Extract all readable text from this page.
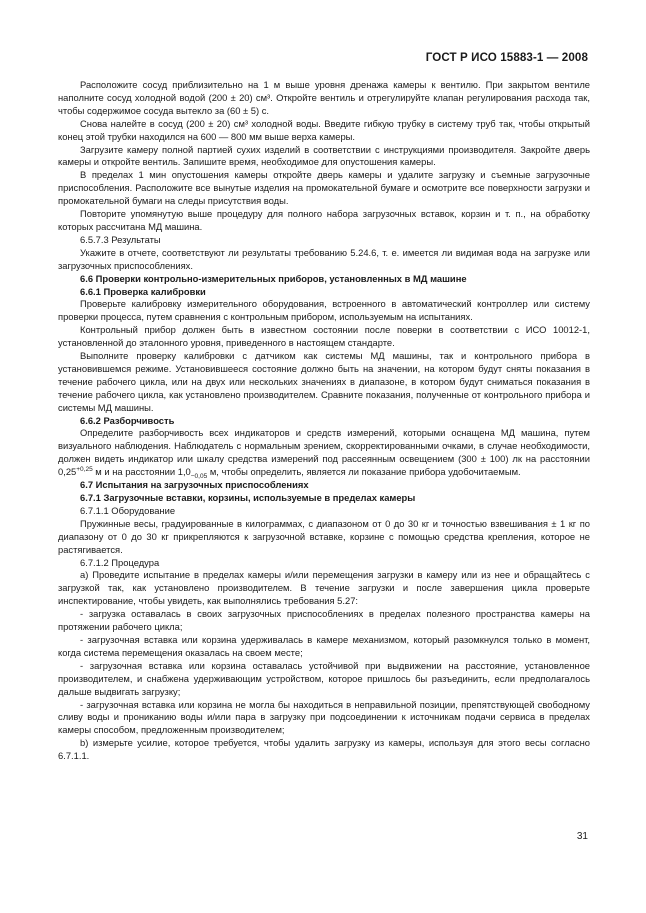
ГОСТ Р ИСО 15883-1 — 2008

Расположите сосуд приблизительно на 1 м выше уровня дренажа камеры к вентилю. При закрытом вентиле наполните сосуд холодной водой (200 ± 20) см³. Откройте вентиль и отрегулируйте клапан регулирования расхода так, чтобы содержимое сосуда вытекло за (60 ± 5) с.

Снова налейте в сосуд (200 ± 20) см³ холодной воды. Введите гибкую трубку в систему труб так, чтобы открытый конец этой трубки находился на 600 — 800 мм выше верха камеры.

Загрузите камеру полной партией сухих изделий в соответствии с инструкциями производителя. Закройте дверь камеры и откройте вентиль. Запишите время, необходимое для опустошения камеры.

В пределах 1 мин опустошения камеры откройте дверь камеры и удалите загрузку и съемные загрузочные приспособления. Расположите все вынутые изделия на промокательной бумаге и осмотрите все поверхности загрузки и промокательной бумаги на следы присутствия воды.

Повторите упомянутую выше процедуру для полного набора загрузочных вставок, корзин и т. п., на обработку которых рассчитана МД машина.

6.5.7.3 Результаты

Укажите в отчете, соответствуют ли результаты требованию 5.24.6, т. е. имеется ли видимая вода на загрузке или загрузочных приспособлениях.

6.6 Проверки контрольно-измерительных приборов, установленных в МД машине

6.6.1 Проверка калибровки

Проверьте калибровку измерительного оборудования, встроенного в автоматический контроллер или систему проверки процесса, путем сравнения с контрольным прибором, используемым на испытаниях.

Контрольный прибор должен быть в известном состоянии после поверки в соответствии с ИСО 10012-1, установленной до эталонного уровня, приведенного в настоящем стандарте.

Выполните проверку калибровки с датчиком как системы МД машины, так и контрольного прибора в установившемся режиме. Установившееся состояние должно быть на значении, на котором будут сняты показания в течение рабочего цикла, или на двух или нескольких значениях в диапазоне, в котором будут сниматься показания в течение рабочего цикла, как установлено производителем. Сравните показания, полученные от контрольного прибора и системы МД машины.

6.6.2 Разборчивость

Определите разборчивость всех индикаторов и средств измерений, которыми оснащена МД машина, путем визуального наблюдения. Наблюдатель с нормальным зрением, скорректированными очками, в случае необходимости, должен видеть индикатор или шкалу средства измерений под рассеянным освещением (300 ± 100) лк на расстоянии $0,25^{+0,25}$ м и на расстоянии $1,0_{-0,05}$ м, чтобы определить, является ли показание прибора удобочитаемым.

6.7 Испытания на загрузочных приспособлениях

6.7.1 Загрузочные вставки, корзины, используемые в пределах камеры

6.7.1.1 Оборудование

Пружинные весы, градуированные в килограммах, с диапазоном от 0 до 30 кг и точностью взвешивания ± 1 кг по диапазону от 0 до 30 кг прикрепляются к загрузочной вставке, корзине с помощью средства крепления, которое не растягивается.

6.7.1.2 Процедура

а) Проведите испытание в пределах камеры и/или перемещения загрузки в камеру или из нее и обращайтесь с загрузкой так, как установлено производителем. В течение загрузки и после завершения цикла проверьте инспектирование, чтобы увидеть, как выполнялись требования 5.27:

- загрузка оставалась в своих загрузочных приспособлениях в пределах полезного пространства камеры на протяжении рабочего цикла;

- загрузочная вставка или корзина удерживалась в камере механизмом, который разомкнулся только в момент, когда система перемещения оказалась на своем месте;

- загрузочная вставка или корзина оставалась устойчивой при выдвижении на расстояние, установленное производителем, и снабжена удерживающим устройством, которое пришлось бы разъединить, если предполагалось дальше выдвигать загрузку;

- загрузочная вставка или корзина не могла бы находиться в неправильной позиции, препятствующей свободному сливу воды и прониканию воды и/или пара в загрузку при подсоединении к источникам подачи сервиса в пределах камеры способом, предложенным производителем;

b) измерьте усилие, которое требуется, чтобы удалить загрузку из камеры, используя для этого весы согласно 6.7.1.1.

31
